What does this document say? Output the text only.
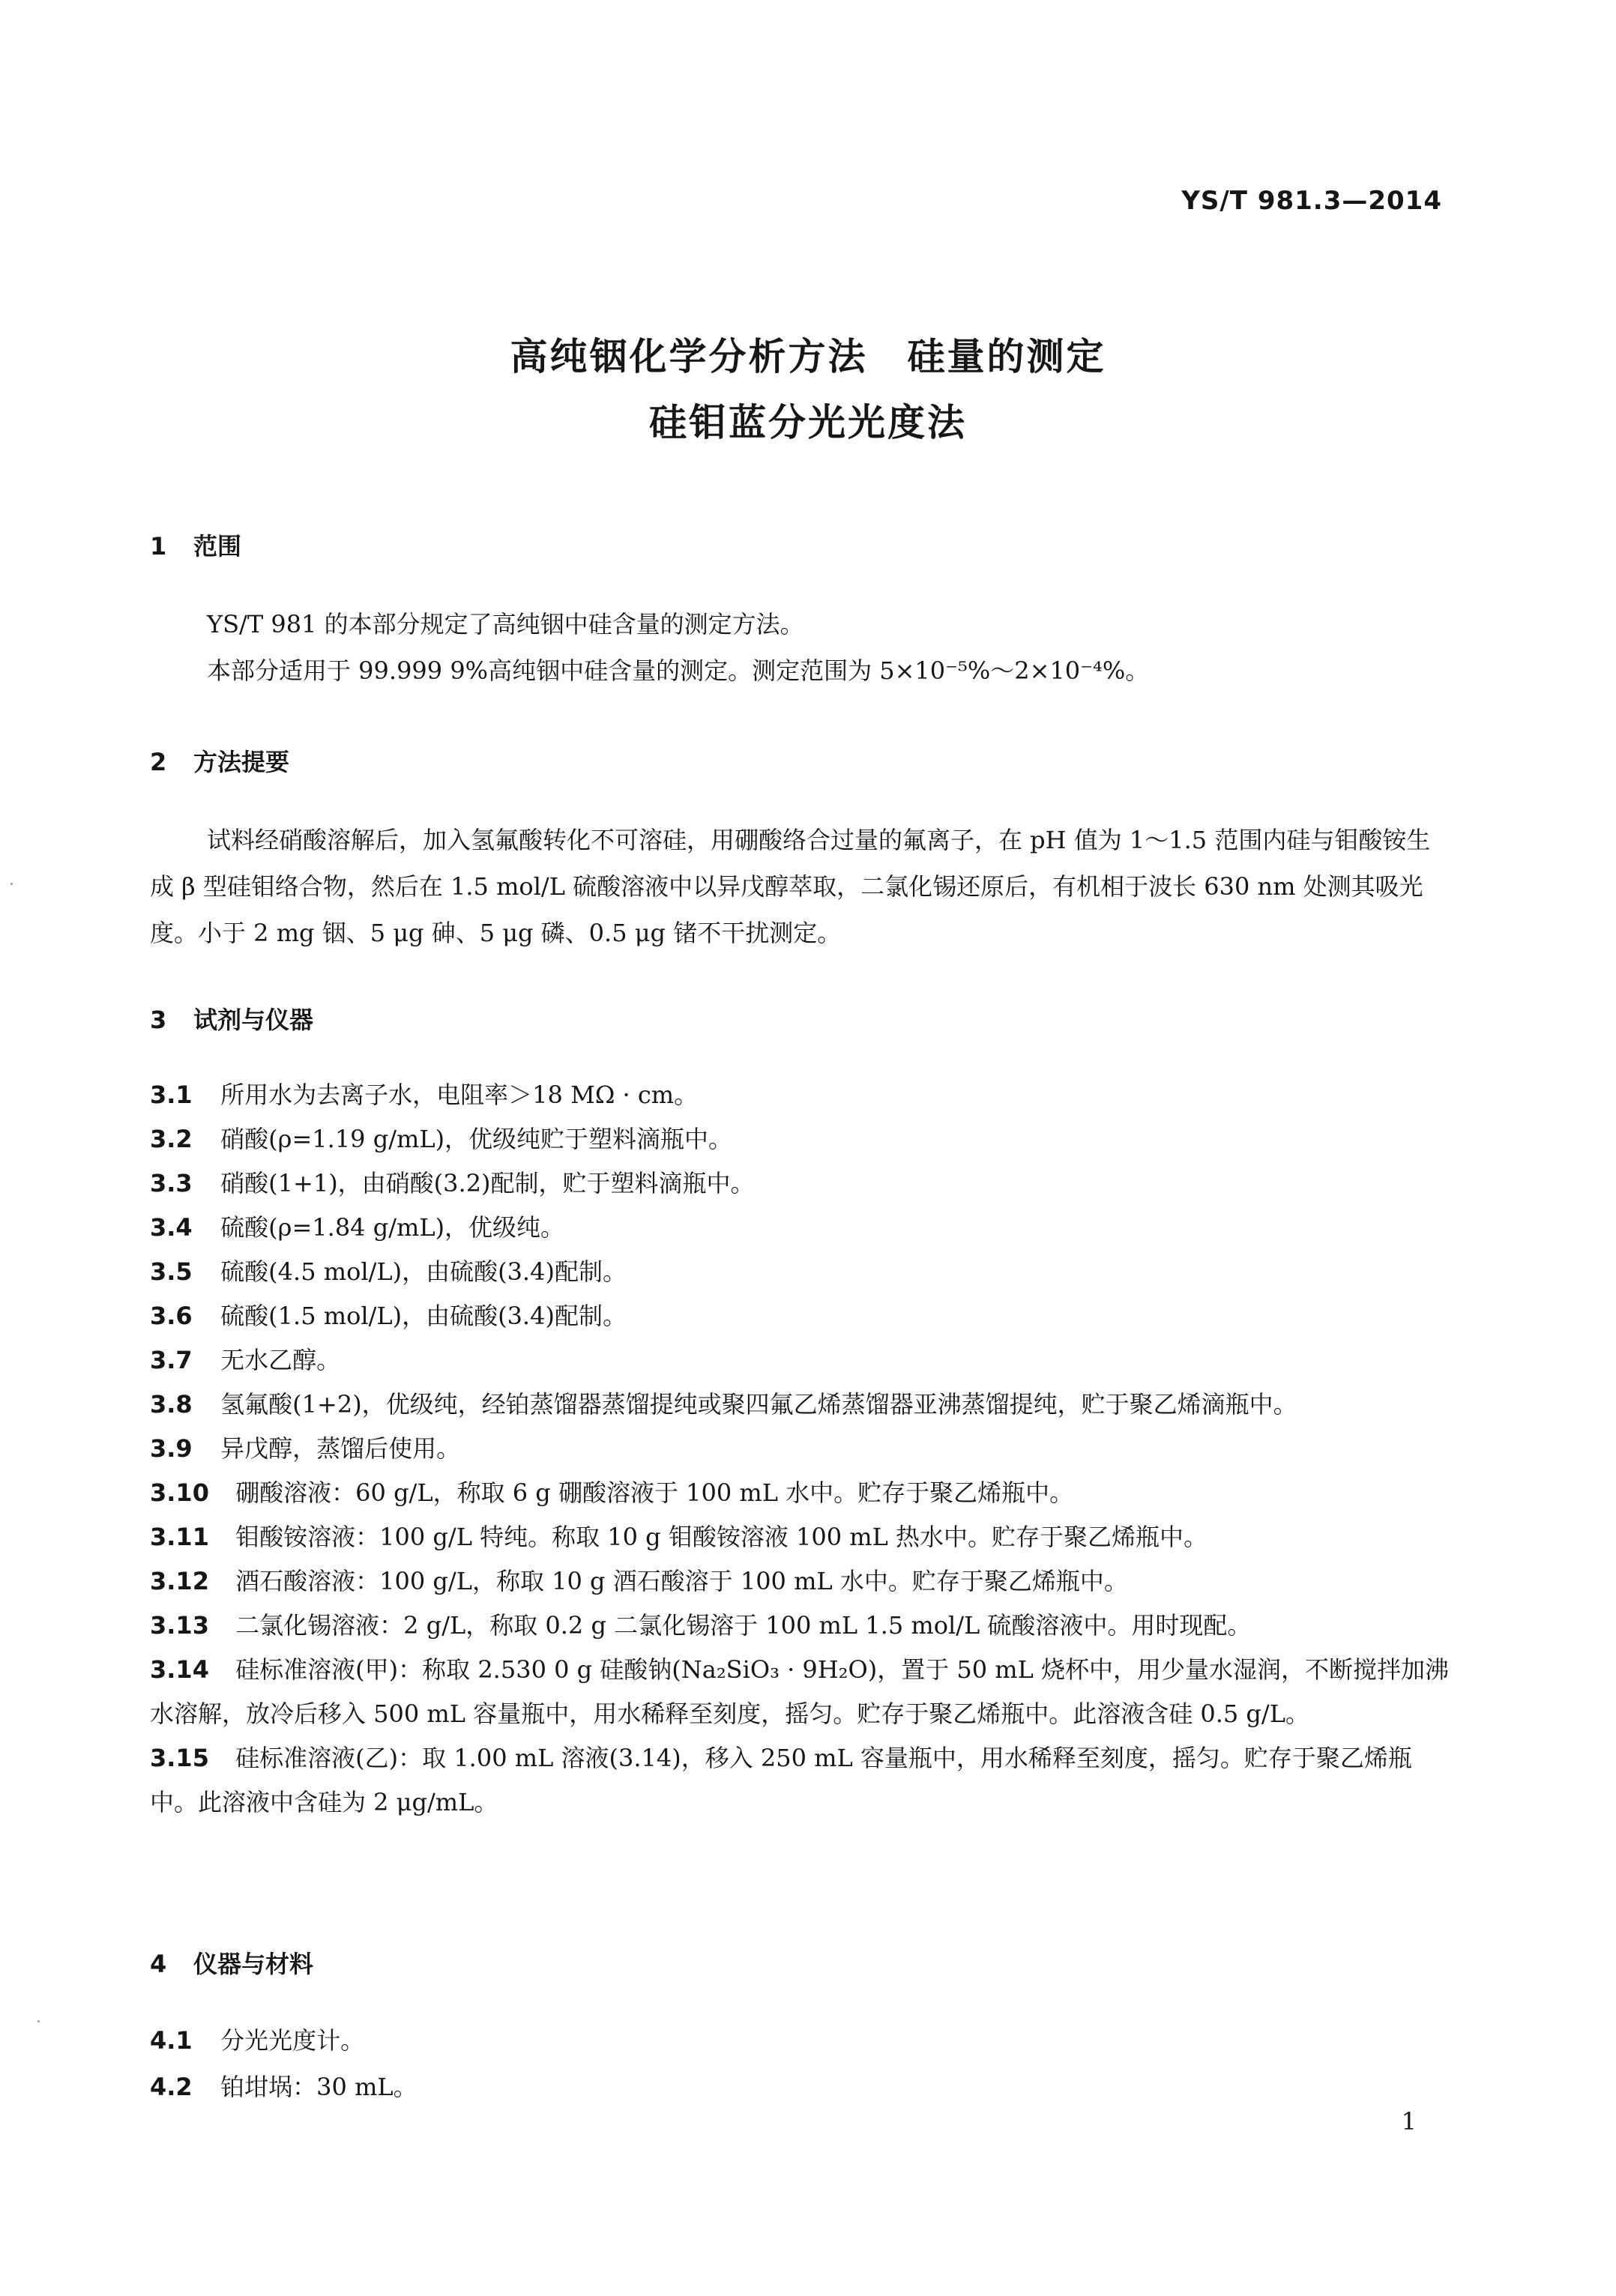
YS/T 981.3—2014
高纯铟化学分析方法　硅量的测定
硅钼蓝分光光度法
1 范围
YS/T 981 的本部分规定了高纯铟中硅含量的测定方法。
本部分适用于 99.999 9%高纯铟中硅含量的测定。测定范围为 5×10⁻⁵%～2×10⁻⁴%。
2 方法提要
试料经硝酸溶解后，加入氢氟酸转化不可溶硅，用硼酸络合过量的氟离子，在 pH 值为 1～1.5 范围内硅与钼酸铵生成 β 型硅钼络合物，然后在 1.5 mol/L 硫酸溶液中以异戊醇萃取，二氯化锡还原后，有机相于波长 630 nm 处测其吸光度。小于 2 mg 铟、5 μg 砷、5 μg 磷、0.5 μg 锗不干扰测定。
3 试剂与仪器
3.1 所用水为去离子水，电阻率＞18 MΩ · cm。
3.2 硝酸(ρ=1.19 g/mL)，优级纯贮于塑料滴瓶中。
3.3 硝酸(1+1)，由硝酸(3.2)配制，贮于塑料滴瓶中。
3.4 硫酸(ρ=1.84 g/mL)，优级纯。
3.5 硫酸(4.5 mol/L)，由硫酸(3.4)配制。
3.6 硫酸(1.5 mol/L)，由硫酸(3.4)配制。
3.7 无水乙醇。
3.8 氢氟酸(1+2)，优级纯，经铂蒸馏器蒸馏提纯或聚四氟乙烯蒸馏器亚沸蒸馏提纯，贮于聚乙烯滴瓶中。
3.9 异戊醇，蒸馏后使用。
3.10 硼酸溶液：60 g/L，称取 6 g 硼酸溶液于 100 mL 水中。贮存于聚乙烯瓶中。
3.11 钼酸铵溶液：100 g/L 特纯。称取 10 g 钼酸铵溶液 100 mL 热水中。贮存于聚乙烯瓶中。
3.12 酒石酸溶液：100 g/L，称取 10 g 酒石酸溶于 100 mL 水中。贮存于聚乙烯瓶中。
3.13 二氯化锡溶液：2 g/L，称取 0.2 g 二氯化锡溶于 100 mL 1.5 mol/L 硫酸溶液中。用时现配。
3.14 硅标准溶液(甲)：称取 2.530 0 g 硅酸钠(Na₂SiO₃ · 9H₂O)，置于 50 mL 烧杯中，用少量水湿润，不断搅拌加沸水溶解，放冷后移入 500 mL 容量瓶中，用水稀释至刻度，摇匀。贮存于聚乙烯瓶中。此溶液含硅 0.5 g/L。
3.15 硅标准溶液(乙)：取 1.00 mL 溶液(3.14)，移入 250 mL 容量瓶中，用水稀释至刻度，摇匀。贮存于聚乙烯瓶中。此溶液中含硅为 2 μg/mL。
4 仪器与材料
4.1 分光光度计。
4.2 铂坩埚：30 mL。
1
